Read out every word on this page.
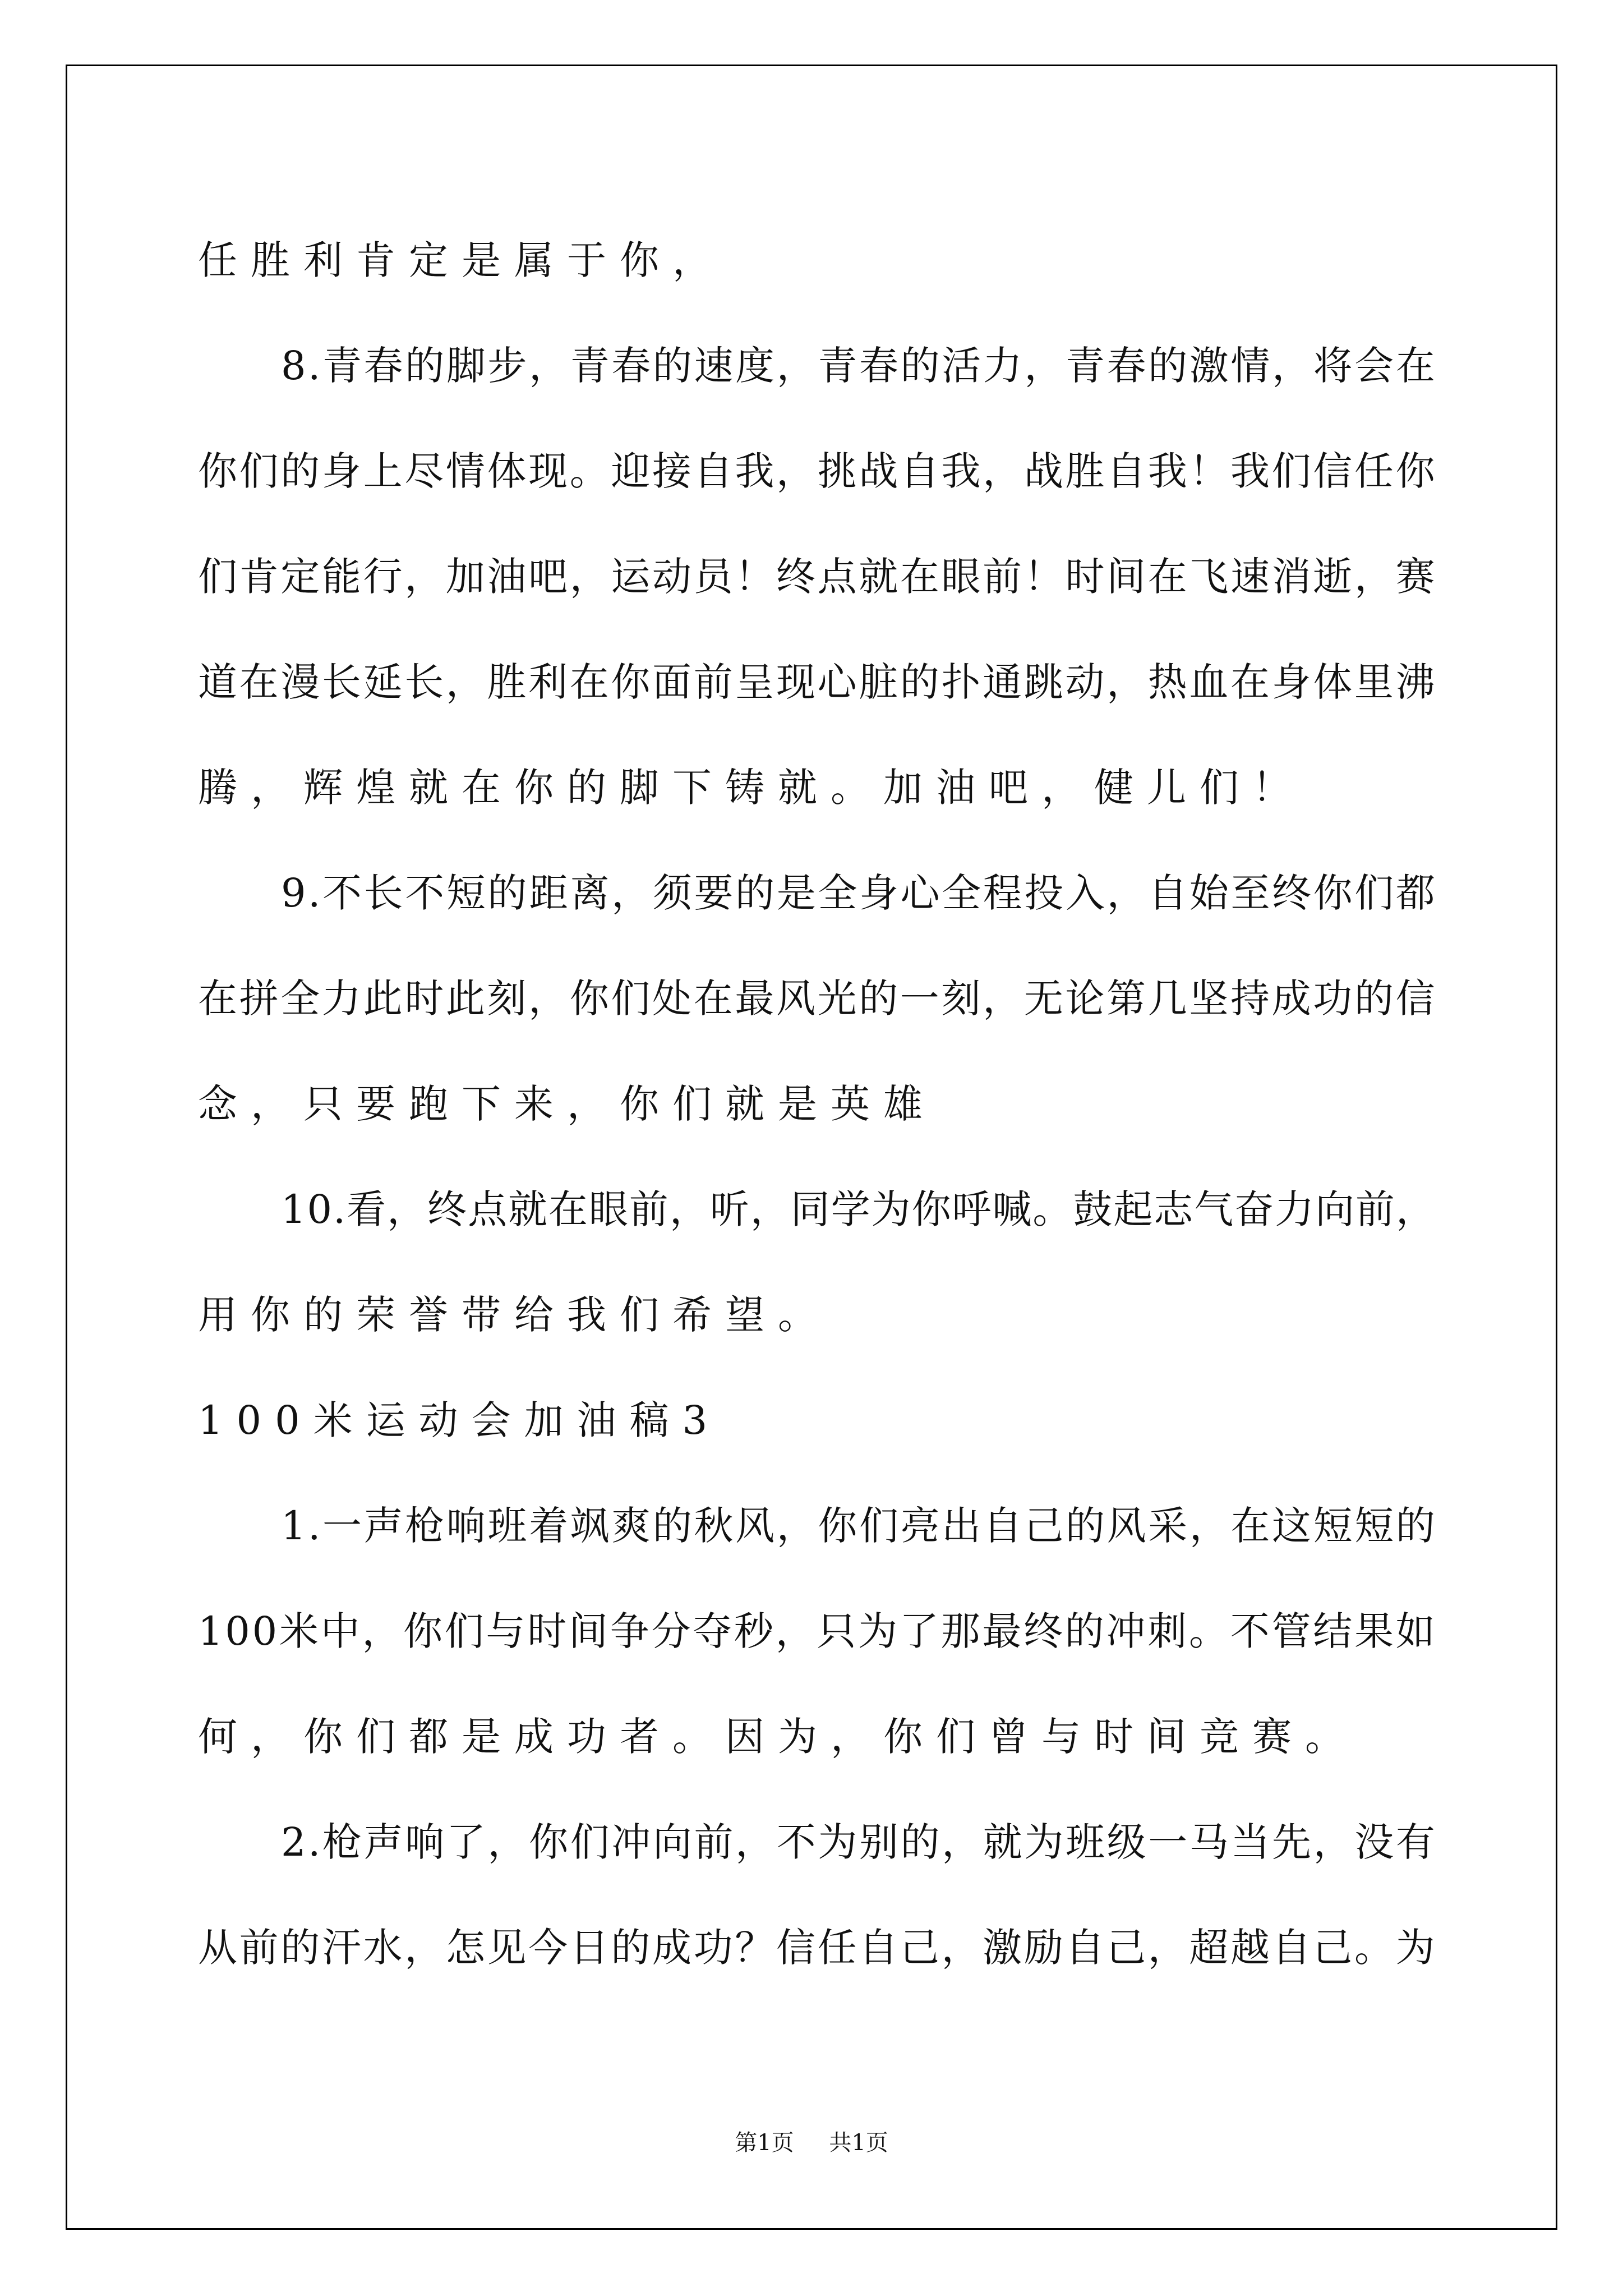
任胜利肯定是属于你，
8 . 青 春 的 脚 步 ， 青 春 的 速 度 ， 青 春 的 活 力 ， 青 春 的 激 情 ， 将 会 在
你 们 的 身 上 尽 情 体 现 。 迎 接 自 我 ， 挑 战 自 我 ， 战 胜 自 我 ！ 我 们 信 任 你
们 肯 定 能 行 ， 加 油 吧 ， 运 动 员 ！ 终 点 就 在 眼 前 ！ 时 间 在 飞 速 消 逝 ， 赛
道 在 漫 长 延 长 ， 胜 利 在 你 面 前 呈 现 心 脏 的 扑 通 跳 动 ， 热 血 在 身 体 里 沸
腾，辉煌就在你的脚下铸就。加油吧，健儿们！
9 . 不 长 不 短 的 距 离 ， 须 要 的 是 全 身 心 全 程 投 入 ， 自 始 至 终 你 们 都
在 拼 全 力 此 时 此 刻 ， 你 们 处 在 最 风 光 的 一 刻 ， 无 论 第 几 坚 持 成 功 的 信
念，只要跑下来，你们就是英雄
1 0 . 看 ， 终 点 就 在 眼 前 ， 听 ， 同 学 为 你 呼 喊 。 鼓 起 志 气 奋 力 向 前 ，
用你的荣誉带给我们希望。
100米运动会加油稿3
1 . 一 声 枪 响 班 着 飒 爽 的 秋 风 ， 你 们 亮 出 自 己 的 风 采 ， 在 这 短 短 的
1 0 0 米 中 ， 你 们 与 时 间 争 分 夺 秒 ， 只 为 了 那 最 终 的 冲 刺 。 不 管 结 果 如
何，你们都是成功者。因为，你们曾与时间竞赛。
2 . 枪 声 响 了 ， 你 们 冲 向 前 ， 不 为 别 的 ， 就 为 班 级 一 马 当 先 ， 没 有
从 前 的 汗 水 ， 怎 见 今 日 的 成 功 ？ 信 任 自 己 ， 激 励 自 己 ， 超 越 自 己 。 为
第1页 共1页
